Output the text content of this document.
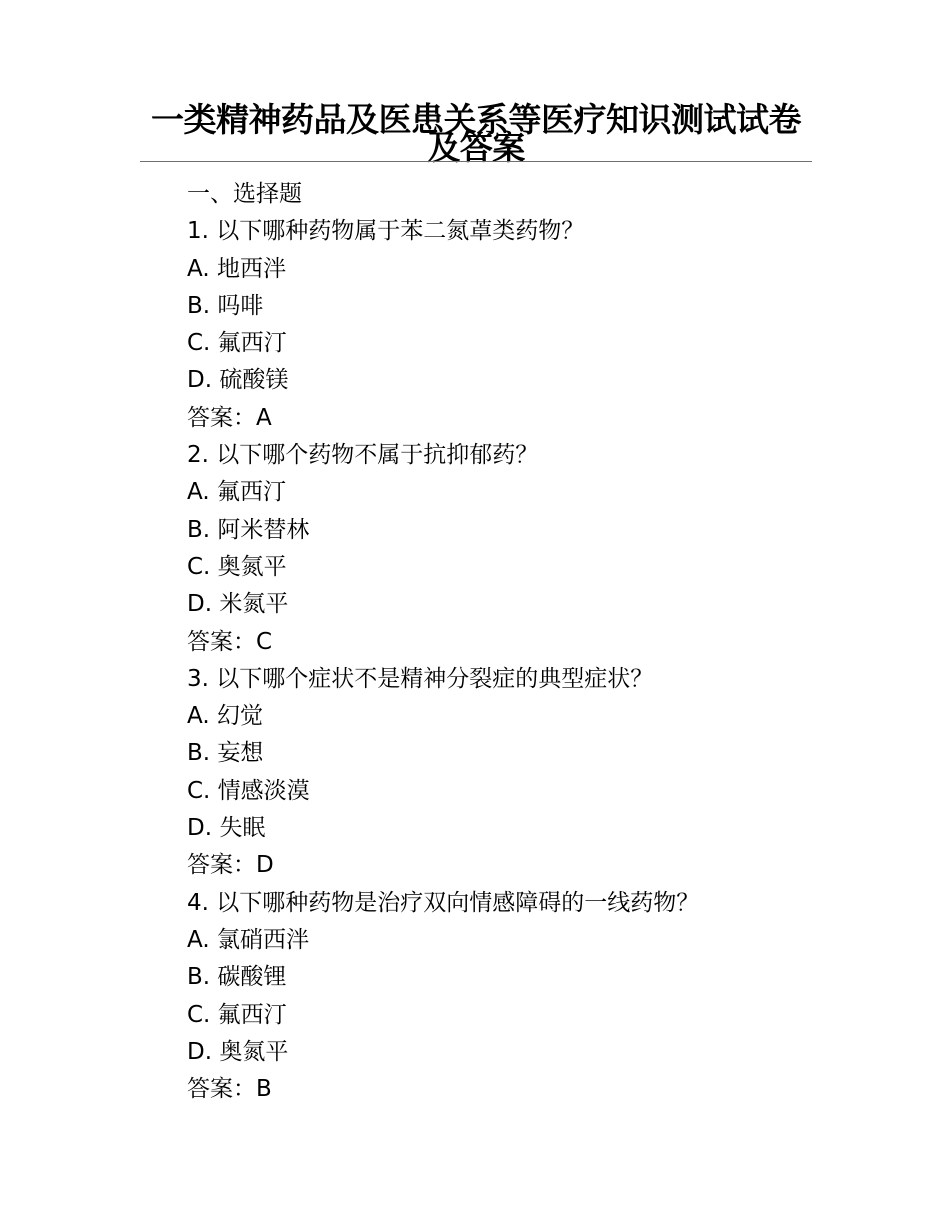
一类精神药品及医患关系等医疗知识测试试卷及答案
一、选择题
1. 以下哪种药物属于苯二氮䓬类药物？
A. 地西泮
B. 吗啡
C. 氟西汀
D. 硫酸镁
答案：A
2. 以下哪个药物不属于抗抑郁药？
A. 氟西汀
B. 阿米替林
C. 奥氮平
D. 米氮平
答案：C
3. 以下哪个症状不是精神分裂症的典型症状？
A. 幻觉
B. 妄想
C. 情感淡漠
D. 失眠
答案：D
4. 以下哪种药物是治疗双向情感障碍的一线药物？
A. 氯硝西泮
B. 碳酸锂
C. 氟西汀
D. 奥氮平
答案：B
